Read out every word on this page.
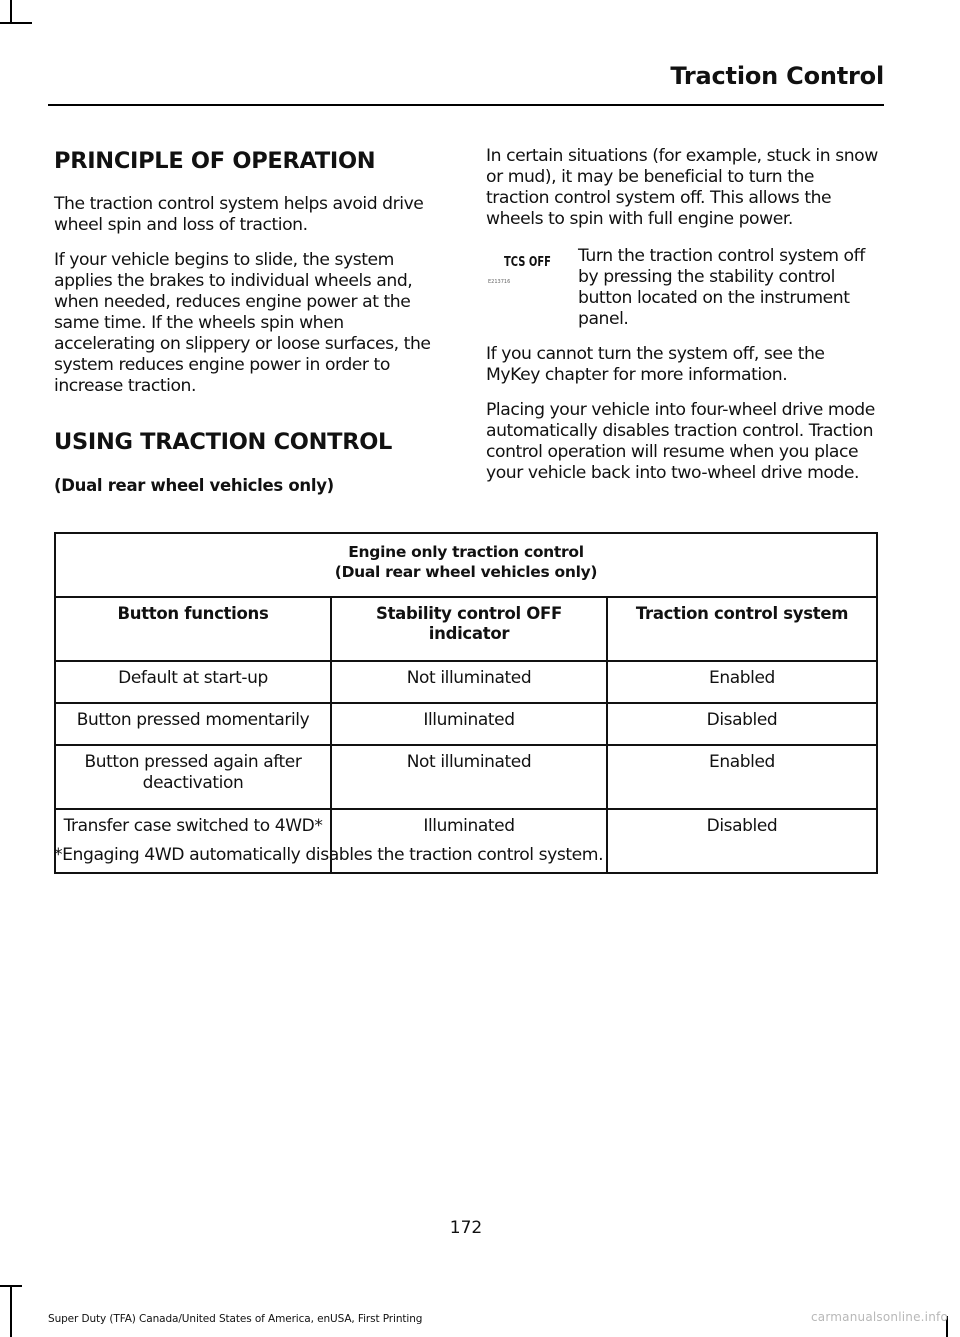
Traction Control
PRINCIPLE OF OPERATION

The traction control system helps avoid drive wheel spin and loss of traction.

If your vehicle begins to slide, the system applies the brakes to individual wheels and, when needed, reduces engine power at the same time. If the wheels spin when accelerating on slippery or loose surfaces, the system reduces engine power in order to increase traction.

USING TRACTION CONTROL

(Dual rear wheel vehicles only)

In certain situations (for example, stuck in snow or mud), it may be beneficial to turn the traction control system off. This allows the wheels to spin with full engine power.

TCS OFF
E213716

Turn the traction control system off by pressing the stability control button located on the instrument panel.

If you cannot turn the system off, see the MyKey chapter for more information.

Placing your vehicle into four-wheel drive mode automatically disables traction control. Traction control operation will resume when you place your vehicle back into two-wheel drive mode.

Engine only traction control
(Dual rear wheel vehicles only)		

Button functions	Stability control OFF indicator	Traction control system
Default at start-up	Not illuminated	Enabled
Button pressed momentarily	Illuminated	Disabled
Button pressed again after deactivation	Not illuminated	Enabled
Transfer case switched to 4WD*	Illuminated	Disabled
*Engaging 4WD automatically disables the traction control system.
172
Super Duty (TFA) Canada/United States of America, enUSA, First Printing	carmanualsonline.info
